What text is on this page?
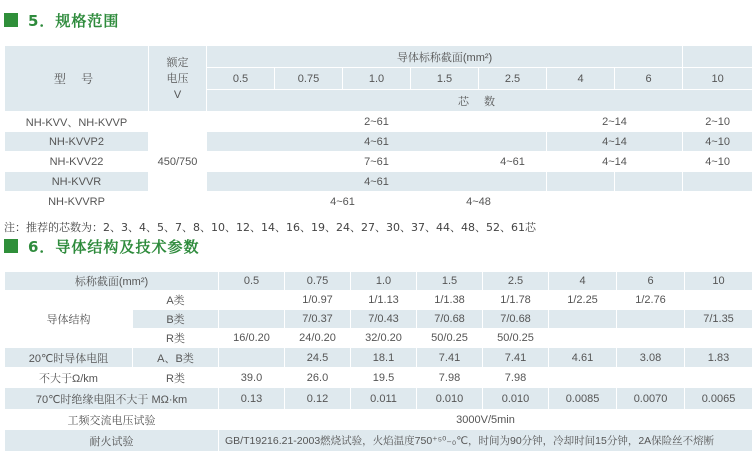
5．规格范围
型 号	额定
电压
V	导体标称截面(mm²)							
		0.5	0.75	1.0	1.5	2.5	4	6	10
		芯 数							
NH-KVV、NH-KVVP	450/750	2~61					2~14		2~10
NH-KVVP2		4~61					4~14		4~10
NH-KVV22			7~61			4~61	4~14		4~10
NH-KVVR		4~61							
NH-KVVRP			4~61		4~48				
注：推荐的芯数为：2、3、4、5、7、8、10、12、14、16、19、24、27、30、37、44、48、52、61芯
6．导体结构及技术参数
标称截面(mm²)		0.5	0.75	1.0	1.5	2.5	4	6	10
导体结构	A类		1/0.97	1/1.13	1/1.38	1/1.78	1/2.25	1/2.76	
	B类		7/0.37	7/0.43	7/0.68	7/0.68			7/1.35
	R类	16/0.20	24/0.20	32/0.20	50/0.25	50/0.25			
20℃时导体电阻	A、B类		24.5	18.1	7.41	7.41	4.61	3.08	1.83
不大于Ω/km	R类	39.0	26.0	19.5	7.98	7.98			
70℃时绝缘电阻不大于 MΩ·km		0.13	0.12	0.011	0.010	0.010	0.0085	0.0070	0.0065
工频交流电压试验		3000V/5min							
耐火试验		GB/T19216.21-2003燃烧试验，火焰温度750⁺⁵⁰₋₀℃，时间为90分钟，冷却时间15分钟，2A保险丝不熔断							
